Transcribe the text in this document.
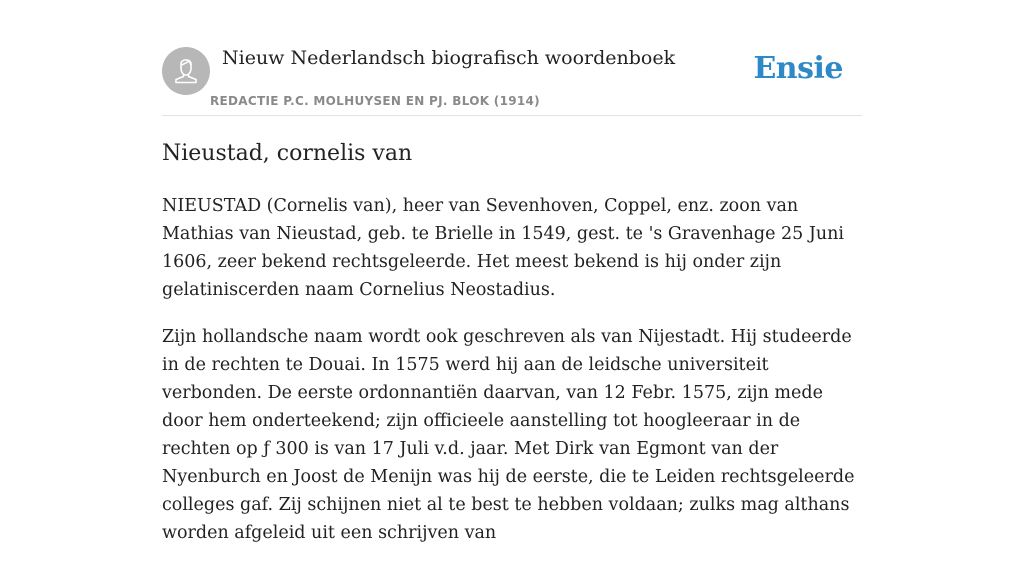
Nieuw Nederlandsch biografisch woordenboek
REDACTIE P.C. MOLHUYSEN EN PJ. BLOK (1914)
Ensie
Nieustad, cornelis van

NIEUSTAD (Cornelis van), heer van Sevenhoven, Coppel, enz. zoon van Mathias van Nieustad, geb. te Brielle in 1549, gest. te 's Gravenhage 25 Juni 1606, zeer bekend rechtsgeleerde. Het meest bekend is hij onder zijn gelatiniscerden naam Cornelius Neostadius.

Zijn hollandsche naam wordt ook geschreven als van Nijestadt. Hij studeerde in de rechten te Douai. In 1575 werd hij aan de leidsche universiteit verbonden. De eerste ordonnantiën daarvan, van 12 Febr. 1575, zijn mede door hem onderteekend; zijn officieele aanstelling tot hoogleeraar in de rechten op ƒ 300 is van 17 Juli v.d. jaar. Met Dirk van Egmont van der Nyenburch en Joost de Menijn was hij de eerste, die te Leiden rechtsgeleerde colleges gaf. Zij schijnen niet al te best te hebben voldaan; zulks mag althans worden afgeleid uit een schrijven van
